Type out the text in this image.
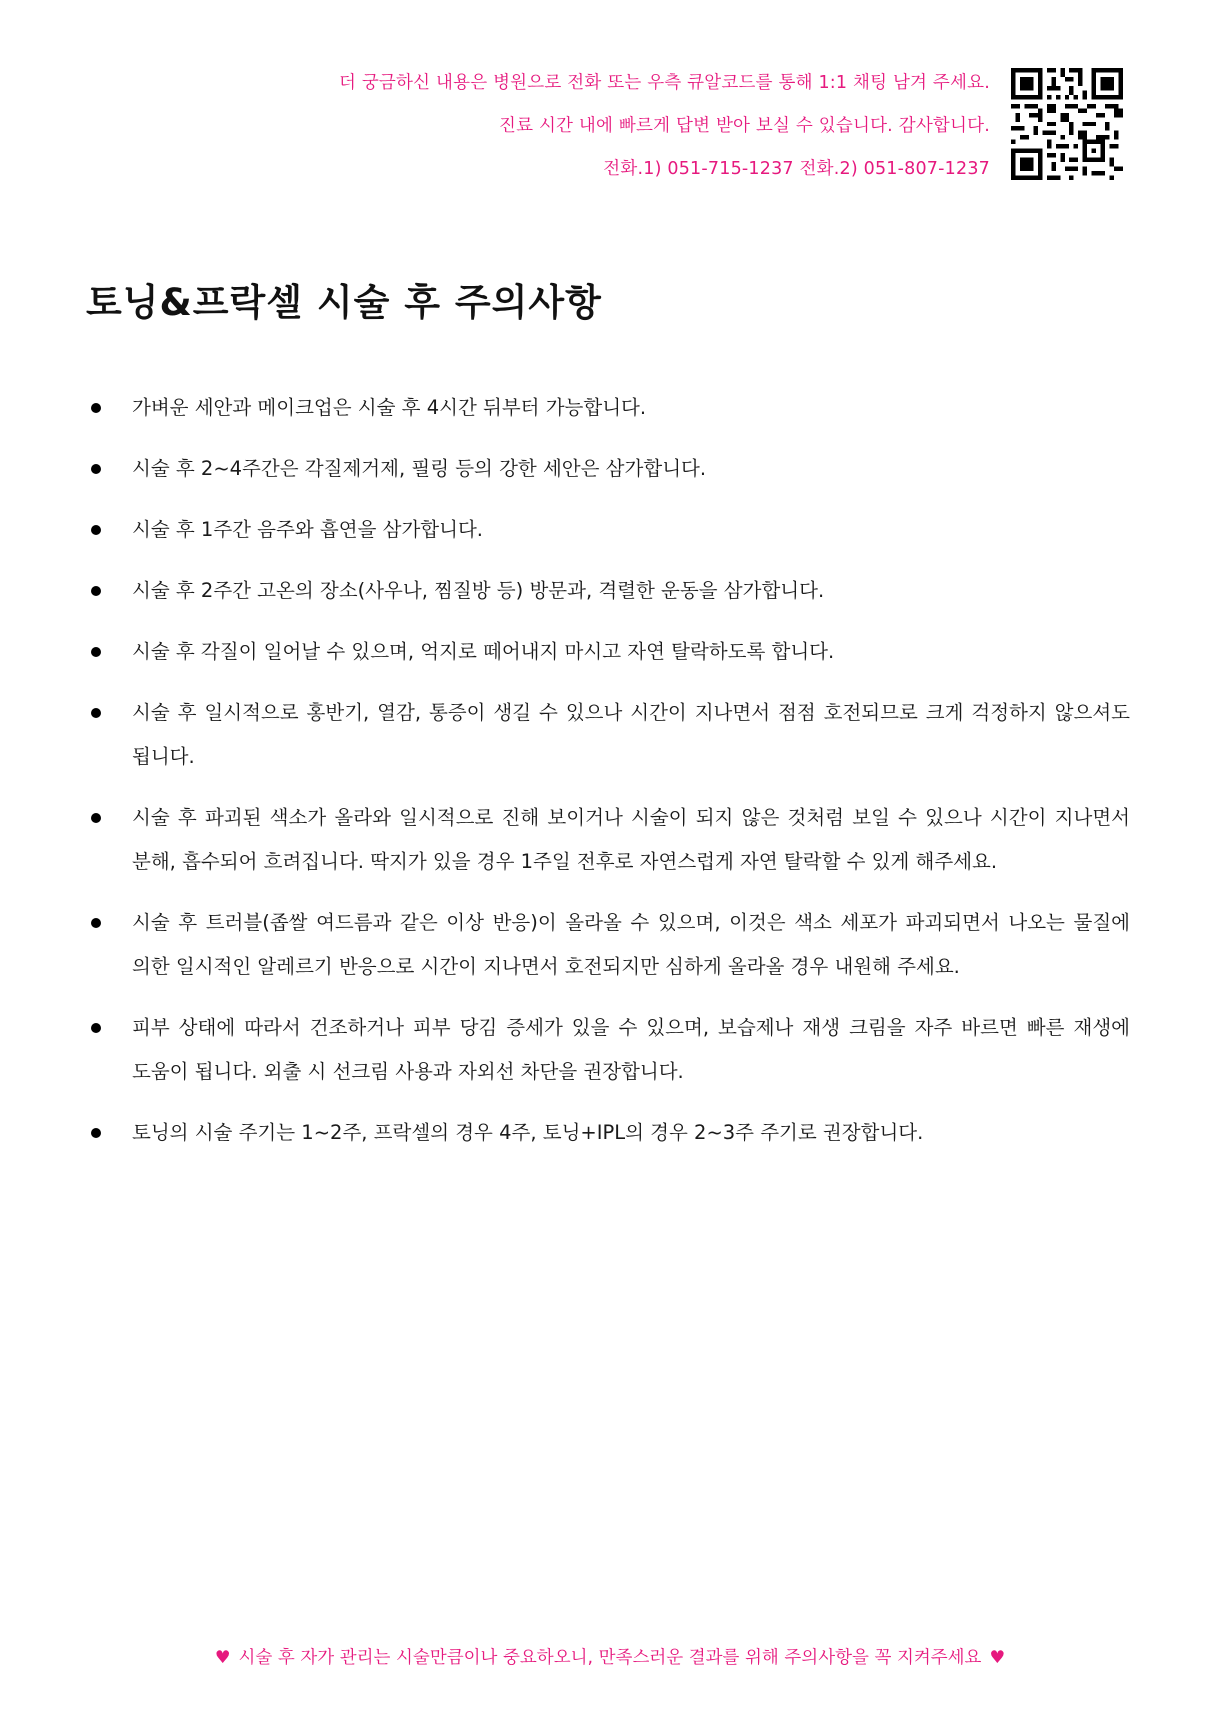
더 궁금하신 내용은 병원으로 전화 또는 우측 큐알코드를 통해 1:1 채팅 남겨 주세요.
진료 시간 내에 빠르게 답변 받아 보실 수 있습니다. 감사합니다.
전화.1) 051-715-1237 전화.2) 051-807-1237
토닝&프락셀 시술 후 주의사항
가벼운 세안과 메이크업은 시술 후 4시간 뒤부터 가능합니다.
시술 후 2~4주간은 각질제거제, 필링 등의 강한 세안은 삼가합니다.
시술 후 1주간 음주와 흡연을 삼가합니다.
시술 후 2주간 고온의 장소(사우나, 찜질방 등) 방문과, 격렬한 운동을 삼가합니다.
시술 후 각질이 일어날 수 있으며, 억지로 떼어내지 마시고 자연 탈락하도록 합니다.
시술 후 일시적으로 홍반기, 열감, 통증이 생길 수 있으나 시간이 지나면서 점점 호전되므로 크게 걱정하지 않으셔도 됩니다.
시술 후 파괴된 색소가 올라와 일시적으로 진해 보이거나 시술이 되지 않은 것처럼 보일 수 있으나 시간이 지나면서 분해, 흡수되어 흐려집니다. 딱지가 있을 경우 1주일 전후로 자연스럽게 자연 탈락할 수 있게 해주세요.
시술 후 트러블(좁쌀 여드름과 같은 이상 반응)이 올라올 수 있으며, 이것은 색소 세포가 파괴되면서 나오는 물질에 의한 일시적인 알레르기 반응으로 시간이 지나면서 호전되지만 심하게 올라올 경우 내원해 주세요.
피부 상태에 따라서 건조하거나 피부 당김 증세가 있을 수 있으며, 보습제나 재생 크림을 자주 바르면 빠른 재생에 도움이 됩니다. 외출 시 선크림 사용과 자외선 차단을 권장합니다.
토닝의 시술 주기는 1~2주, 프락셀의 경우 4주, 토닝+IPL의 경우 2~3주 주기로 권장합니다.
♥ 시술 후 자가 관리는 시술만큼이나 중요하오니, 만족스러운 결과를 위해 주의사항을 꼭 지켜주세요 ♥
